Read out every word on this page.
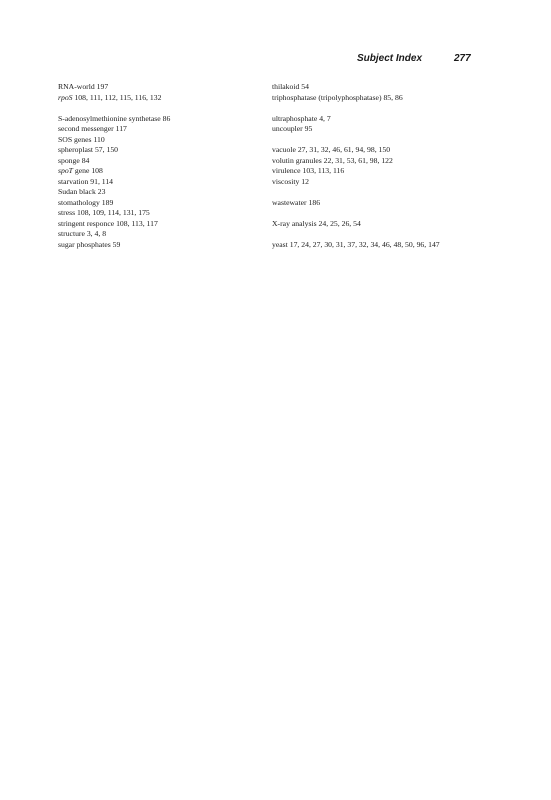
Subject Index	277
RNA-world 197
rpoS 108, 111, 112, 115, 116, 132
S-adenosylmethionine synthetase 86
second messenger 117
SOS genes 110
spheroplast 57, 150
sponge 84
spoT gene 108
starvation 91, 114
Sudan black 23
stomathology 189
stress 108, 109, 114, 131, 175
stringent responce 108, 113, 117
structure 3, 4, 8
sugar phosphates 59
thilakoid 54
triphosphatase (tripolyphosphatase) 85, 86
ultraphosphate 4, 7
uncoupler 95
vacuole 27, 31, 32, 46, 61, 94, 98, 150
volutin granules 22, 31, 53, 61, 98, 122
virulence 103, 113, 116
viscosity 12
wastewater 186
X-ray analysis 24, 25, 26, 54
yeast 17, 24, 27, 30, 31, 37, 32, 34, 46, 48, 50, 96, 147
